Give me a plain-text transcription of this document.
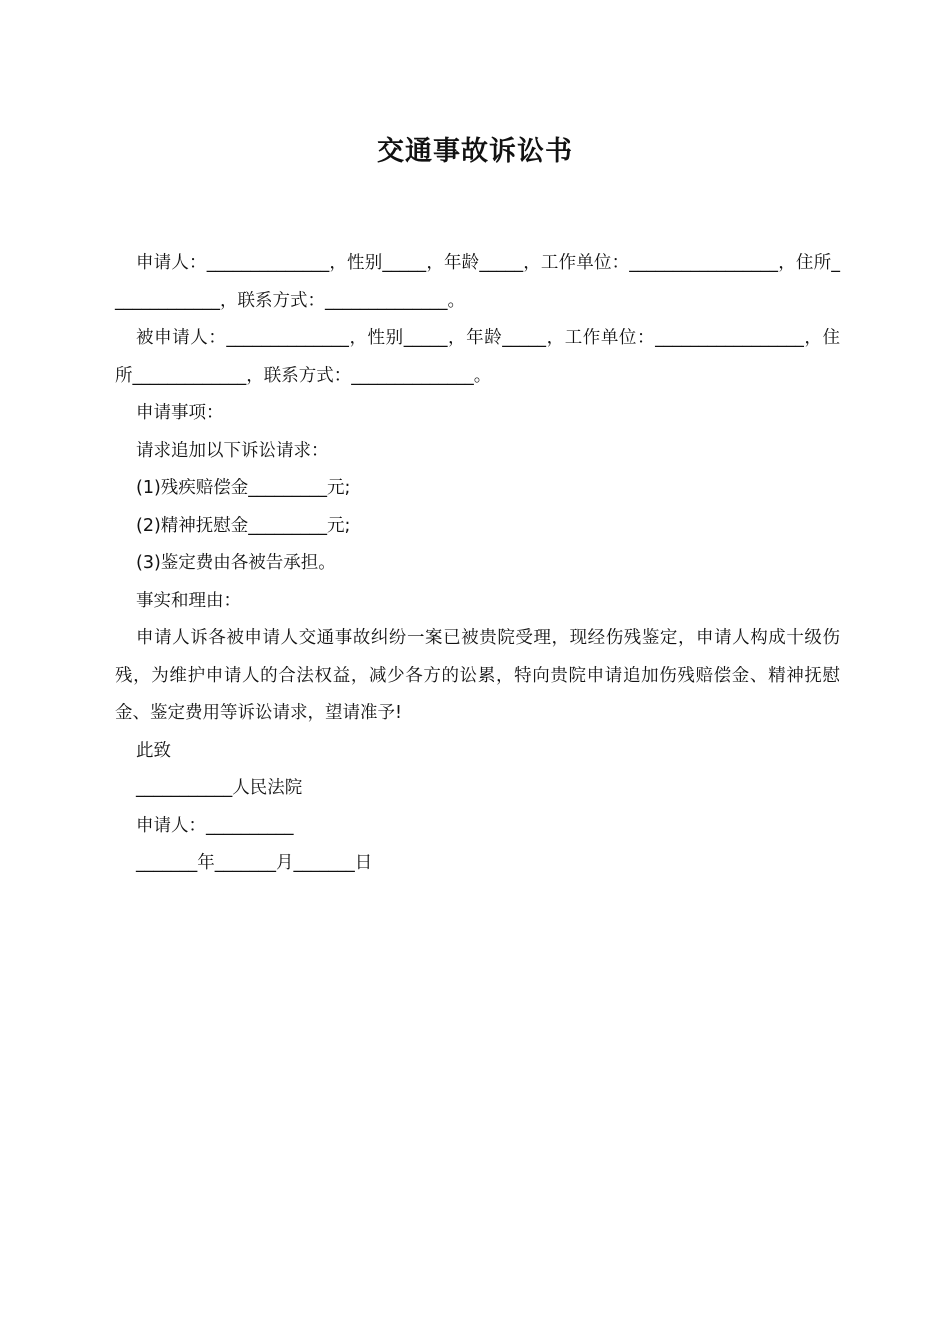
交通事故诉讼书

申请人：______________，性别_____，年龄_____，工作单位：_________________，住所_____________，联系方式：______________。

被申请人：______________，性别_____，年龄_____，工作单位：_________________，住所_____________，联系方式：______________。

申请事项：

请求追加以下诉讼请求：

(1)残疾赔偿金_________元;

(2)精神抚慰金_________元;

(3)鉴定费由各被告承担。

事实和理由：

申请人诉各被申请人交通事故纠纷一案已被贵院受理，现经伤残鉴定，申请人构成十级伤残，为维护申请人的合法权益，减少各方的讼累，特向贵院申请追加伤残赔偿金、精神抚慰金、鉴定费用等诉讼请求，望请准予!

此致

___________人民法院

申请人：__________

_______年_______月_______日
